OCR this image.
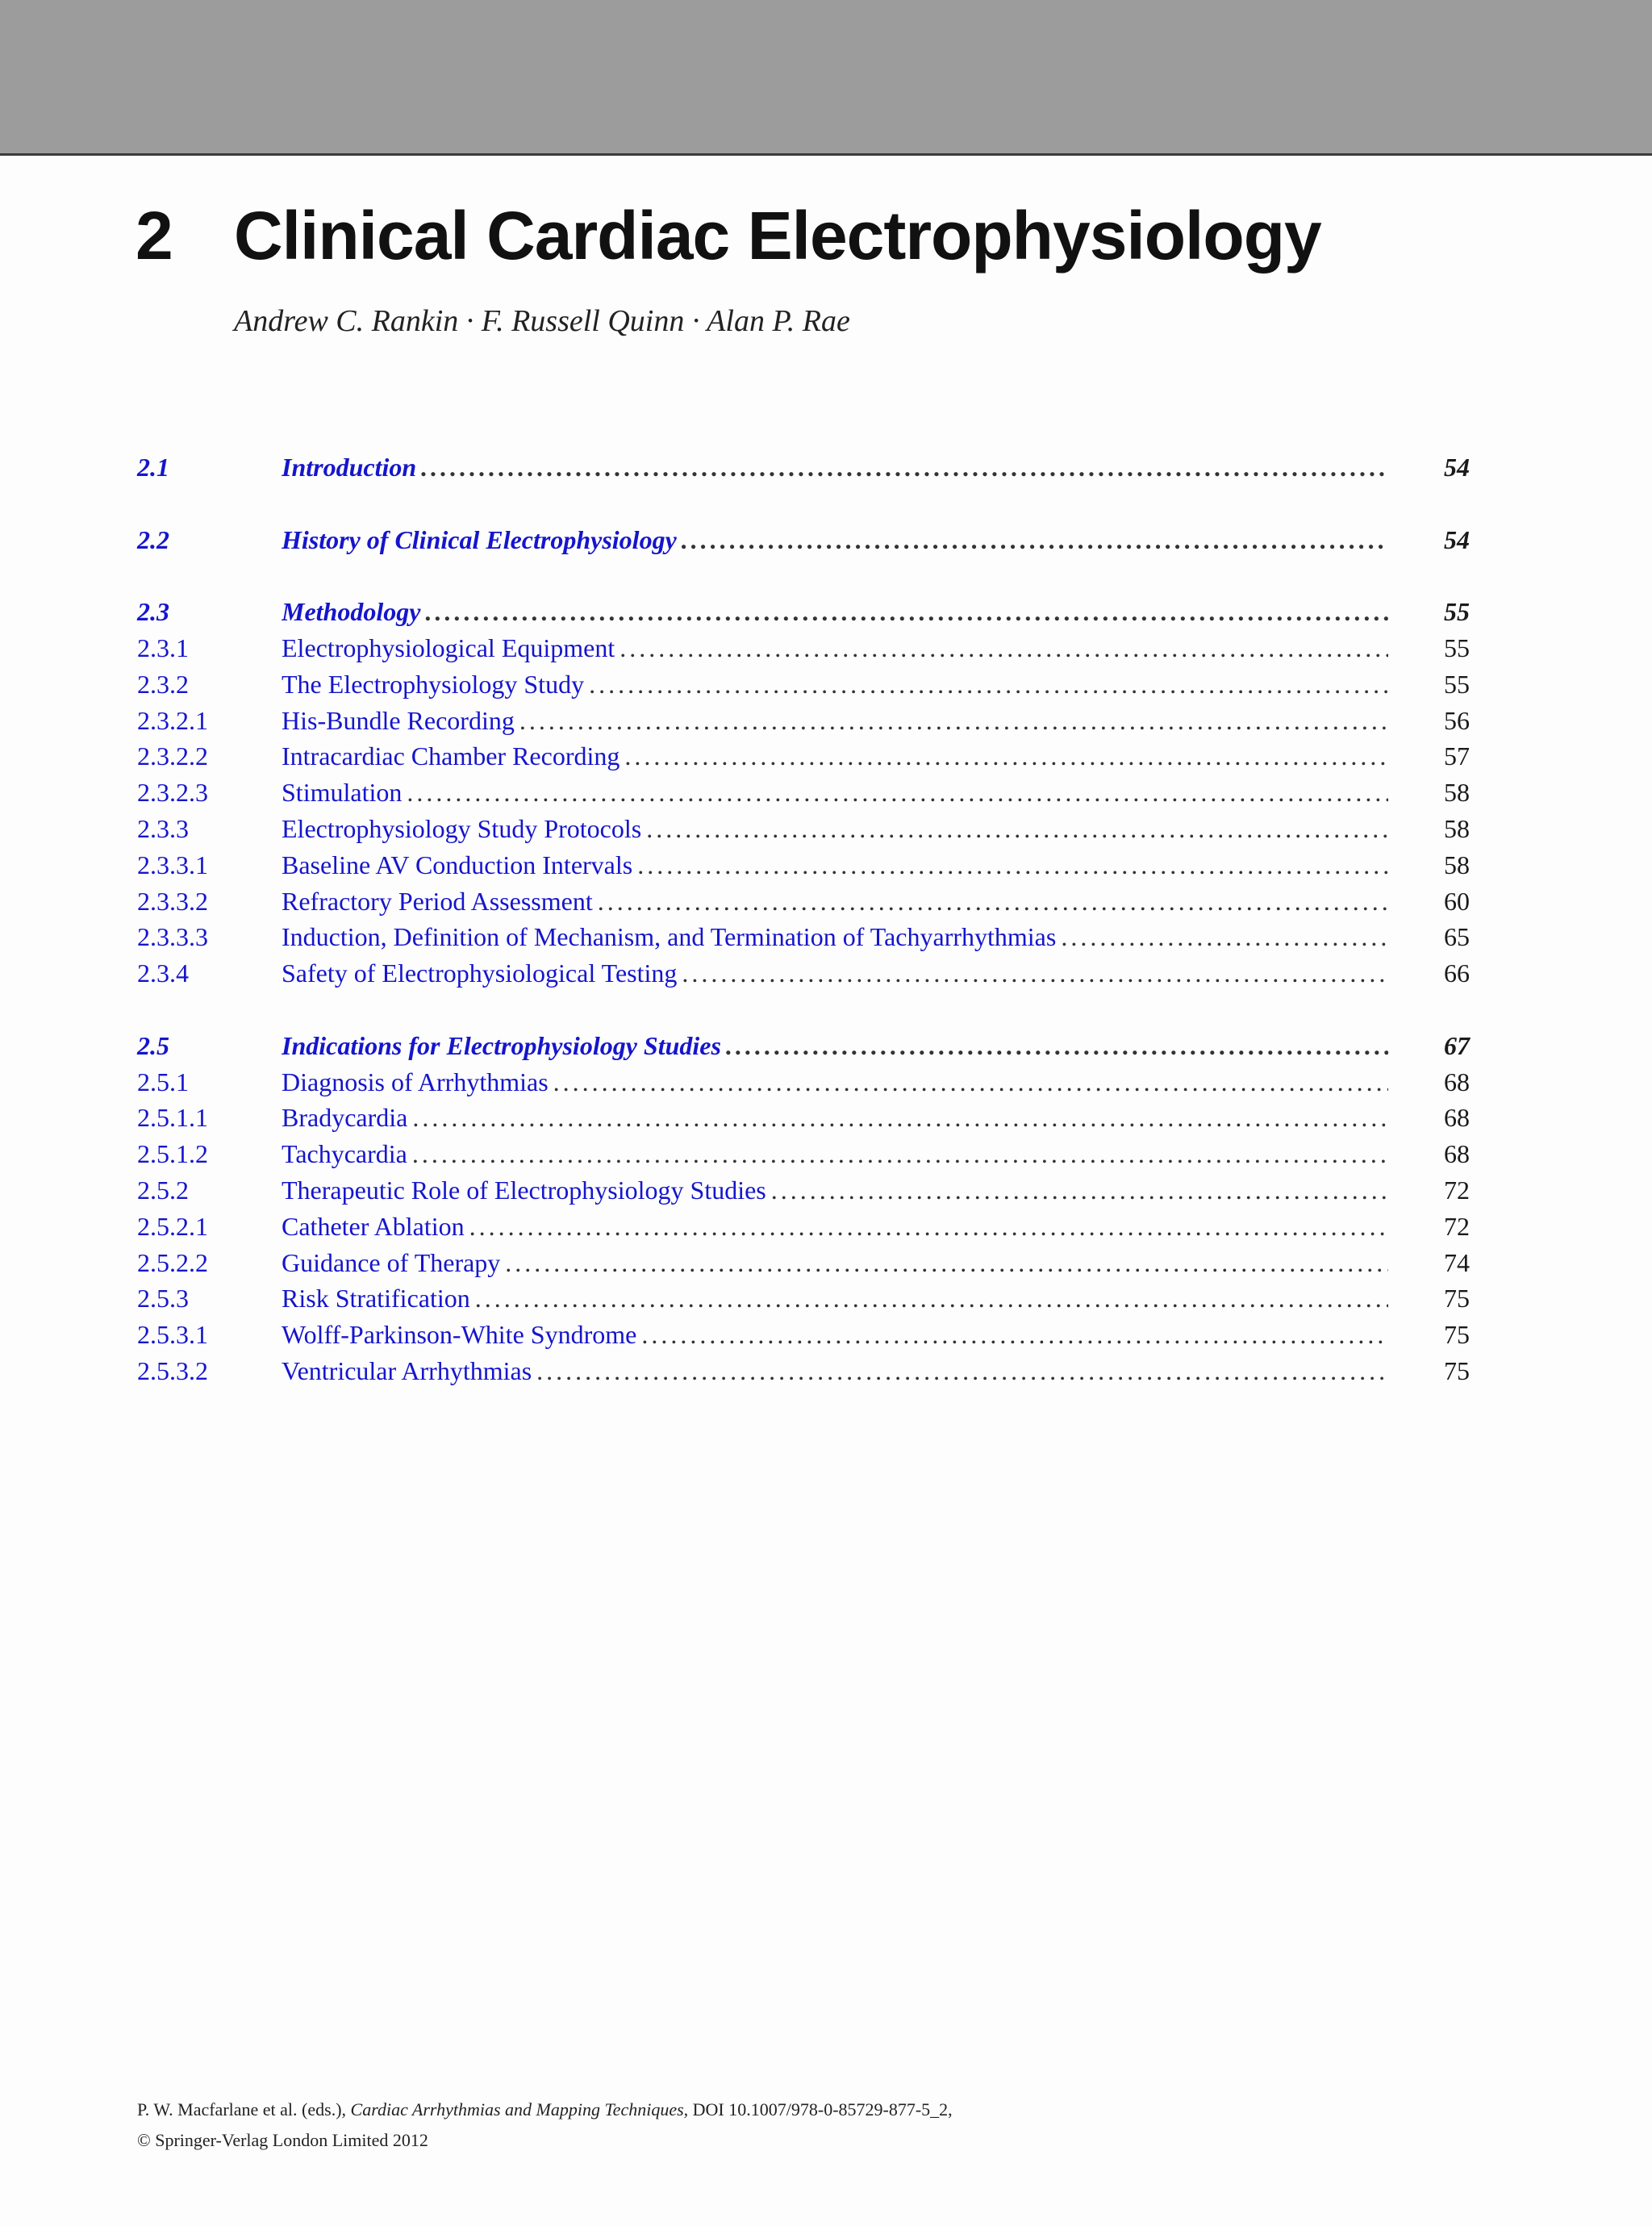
2 Clinical Cardiac Electrophysiology
Andrew C. Rankin · F. Russell Quinn · Alan P. Rae
2.1	Introduction . . .	54
2.2	History of Clinical Electrophysiology . . .	54
2.3	Methodology . . .	55
2.3.1	Electrophysiological Equipment . . .	55
2.3.2	The Electrophysiology Study . . .	55
2.3.2.1	His-Bundle Recording . . .	56
2.3.2.2	Intracardiac Chamber Recording . . .	57
2.3.2.3	Stimulation . . .	58
2.3.3	Electrophysiology Study Protocols . . .	58
2.3.3.1	Baseline AV Conduction Intervals . . .	58
2.3.3.2	Refractory Period Assessment . . .	60
2.3.3.3	Induction, Definition of Mechanism, and Termination of Tachyarrhythmias . . .	65
2.3.4	Safety of Electrophysiological Testing . . .	66
2.5	Indications for Electrophysiology Studies . . .	67
2.5.1	Diagnosis of Arrhythmias . . .	68
2.5.1.1	Bradycardia . . .	68
2.5.1.2	Tachycardia . . .	68
2.5.2	Therapeutic Role of Electrophysiology Studies . . .	72
2.5.2.1	Catheter Ablation . . .	72
2.5.2.2	Guidance of Therapy . . .	74
2.5.3	Risk Stratification . . .	75
2.5.3.1	Wolff-Parkinson-White Syndrome . . .	75
2.5.3.2	Ventricular Arrhythmias . . .	75
P. W. Macfarlane et al. (eds.), Cardiac Arrhythmias and Mapping Techniques, DOI 10.1007/978-0-85729-877-5_2,
© Springer-Verlag London Limited 2012
